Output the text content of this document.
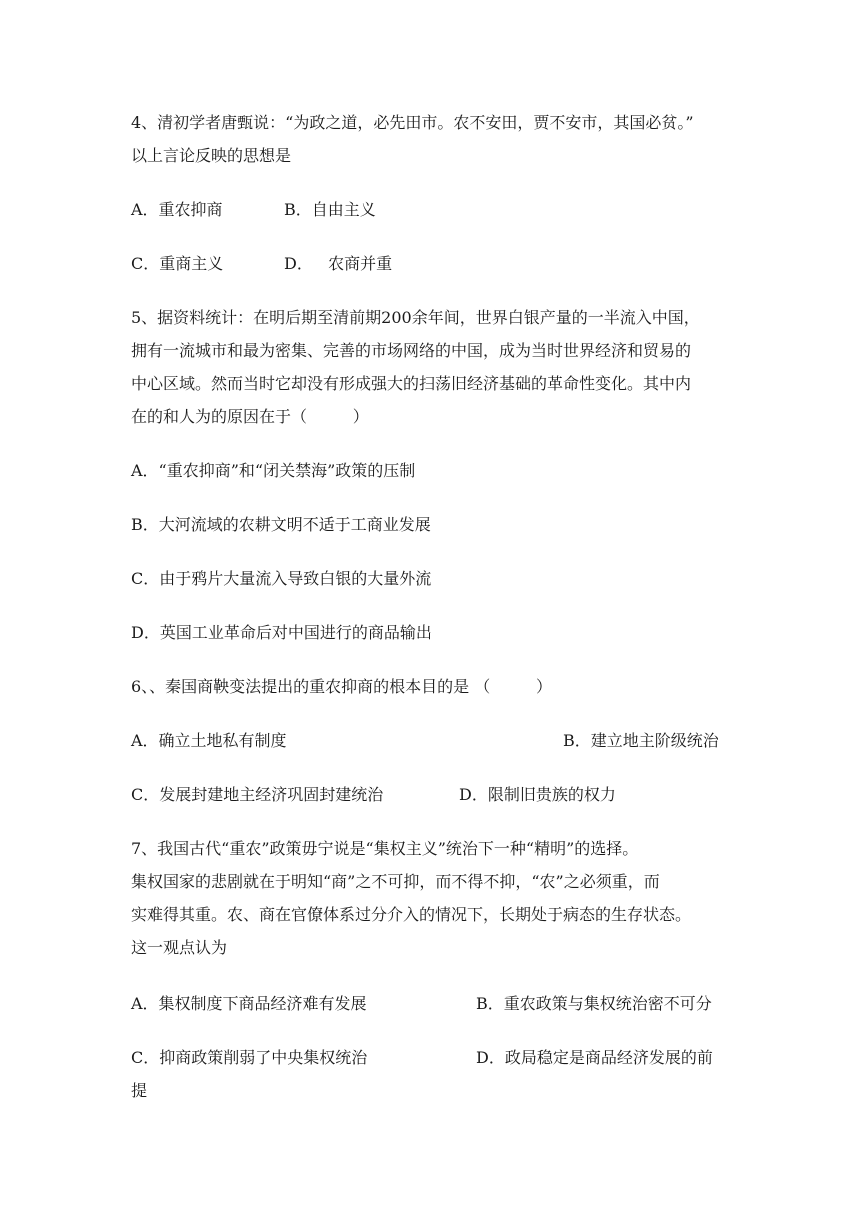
4、清初学者唐甄说：“为政之道，必先田市。农不安田，贾不安市，其国必贫。”
以上言论反映的思想是
A．重农抑商	B．自由主义
C．重商主义	D．   农商并重
5、据资料统计：在明后期至清前期200余年间，世界白银产量的一半流入中国，
拥有一流城市和最为密集、完善的市场网络的中国，成为当时世界经济和贸易的
中心区域。然而当时它却没有形成强大的扫荡旧经济基础的革命性变化。其中内
在的和人为的原因在于（         ）
A．“重农抑商”和“闭关禁海”政策的压制
B．大河流域的农耕文明不适于工商业发展
C．由于鸦片大量流入导致白银的大量外流
D．英国工业革命后对中国进行的商品输出
6、、秦国商鞅变法提出的重农抑商的根本目的是 （         ）
A．确立土地私有制度	B．建立地主阶级统治
C．发展封建地主经济巩固封建统治	D．限制旧贵族的权力
7、我国古代“重农”政策毋宁说是“集权主义”统治下一种“精明”的选择。
集权国家的悲剧就在于明知“商”之不可抑，而不得不抑，“农”之必须重，而
实难得其重。农、商在官僚体系过分介入的情况下，长期处于病态的生存状态。
这一观点认为
A．集权制度下商品经济难有发展	B．重农政策与集权统治密不可分
C．抑商政策削弱了中央集权统治	D．政局稳定是商品经济发展的前
提
